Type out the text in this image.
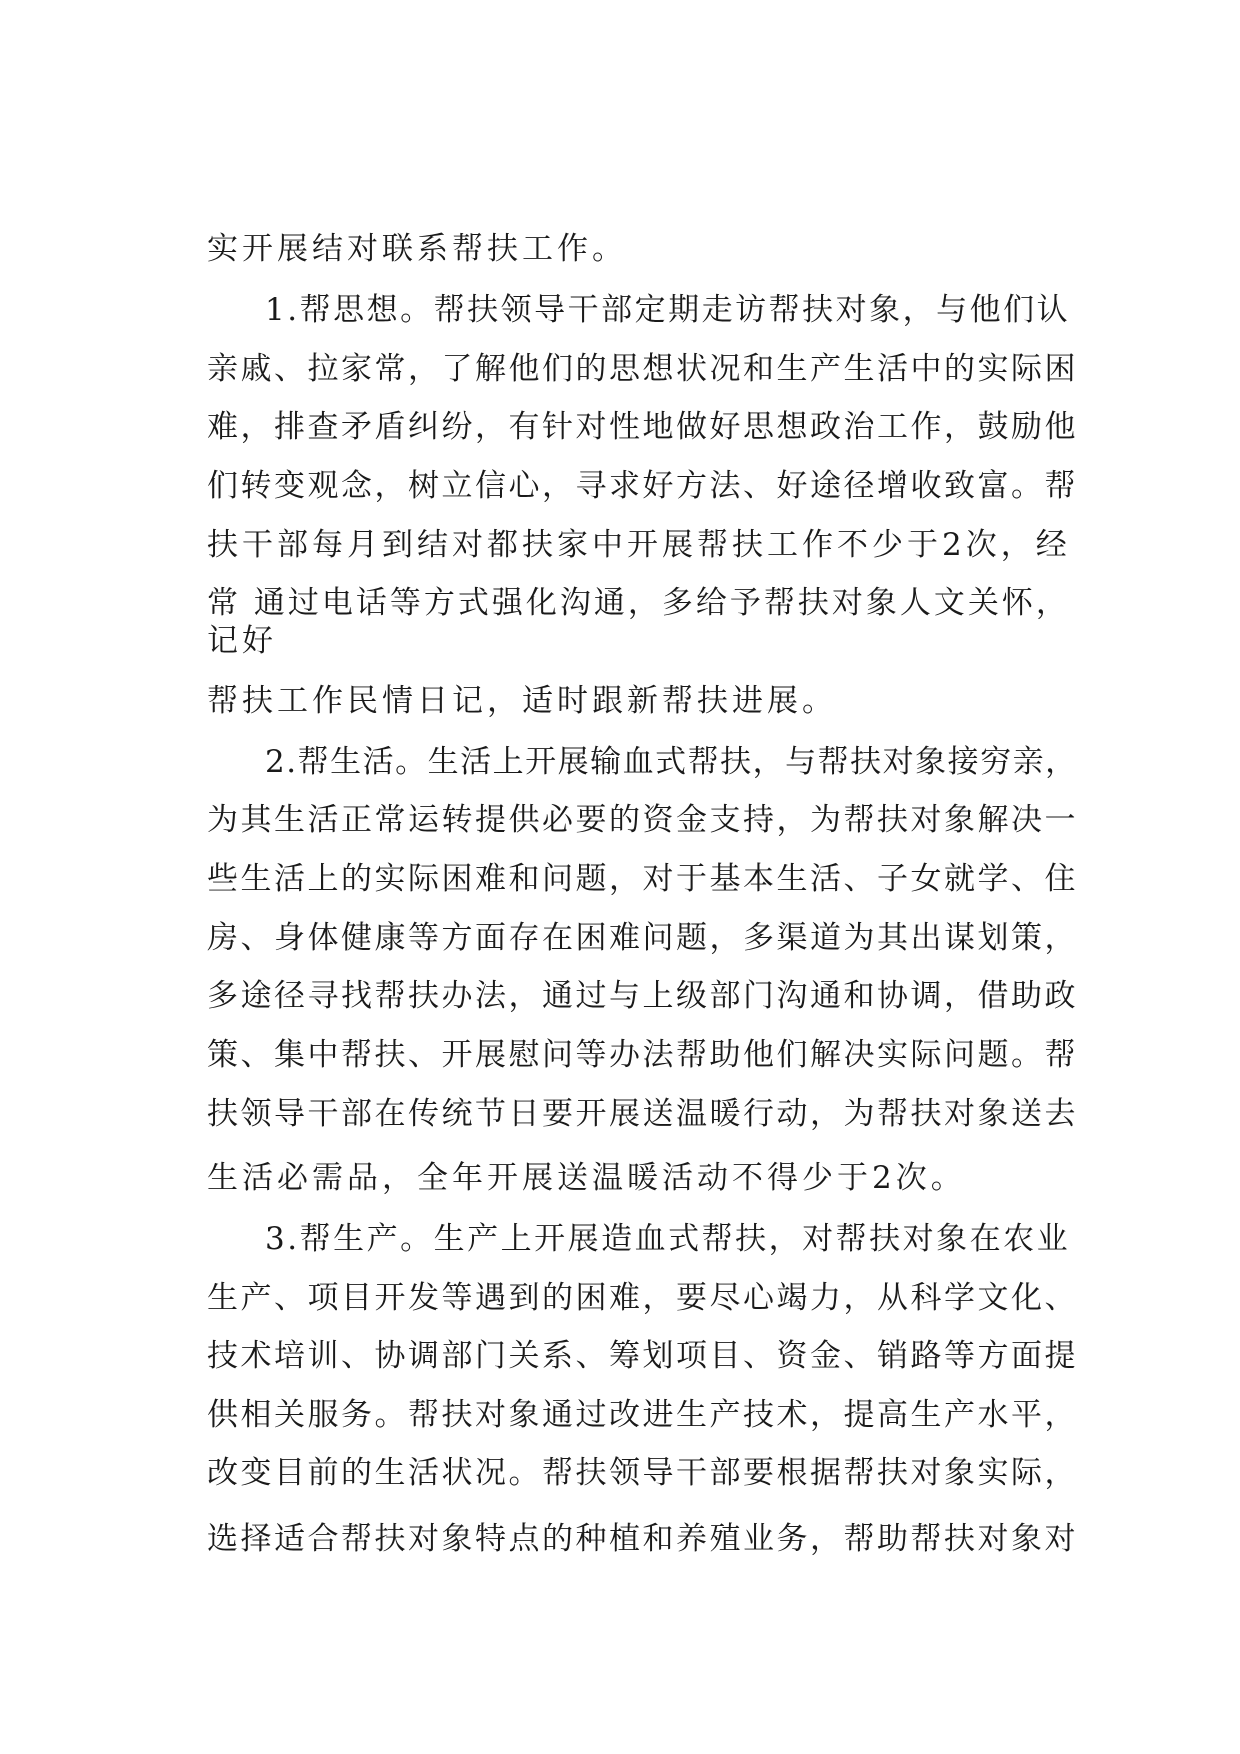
实开展结对联系帮扶工作。

1.帮思想。帮扶领导干部定期走访帮扶对象，与他们认

亲戚、拉家常，了解他们的思想状况和生产生活中的实际困

难，排查矛盾纠纷，有针对性地做好思想政治工作，鼓励他

们转变观念，树立信心，寻求好方法、好途径增收致富。帮

扶干部每月到结对都扶家中开展帮扶工作不少于2次，经

常 通过电话等方式强化沟通，多给予帮扶对象人文关怀，

记好

帮扶工作民情日记，适时跟新帮扶进展。

2.帮生活。生活上开展输血式帮扶，与帮扶对象接穷亲，

为其生活正常运转提供必要的资金支持，为帮扶对象解决一

些生活上的实际困难和问题，对于基本生活、子女就学、住

房、身体健康等方面存在困难问题，多渠道为其出谋划策，

多途径寻找帮扶办法，通过与上级部门沟通和协调，借助政

策、集中帮扶、开展慰问等办法帮助他们解决实际问题。帮

扶领导干部在传统节日要开展送温暖行动，为帮扶对象送去

生活必需品，全年开展送温暖活动不得少于2次。

3.帮生产。生产上开展造血式帮扶，对帮扶对象在农业

生产、项目开发等遇到的困难，要尽心竭力，从科学文化、

技术培训、协调部门关系、筹划项目、资金、销路等方面提

供相关服务。帮扶对象通过改进生产技术，提高生产水平，

改变目前的生活状况。帮扶领导干部要根据帮扶对象实际，

选择适合帮扶对象特点的种植和养殖业务，帮助帮扶对象对
